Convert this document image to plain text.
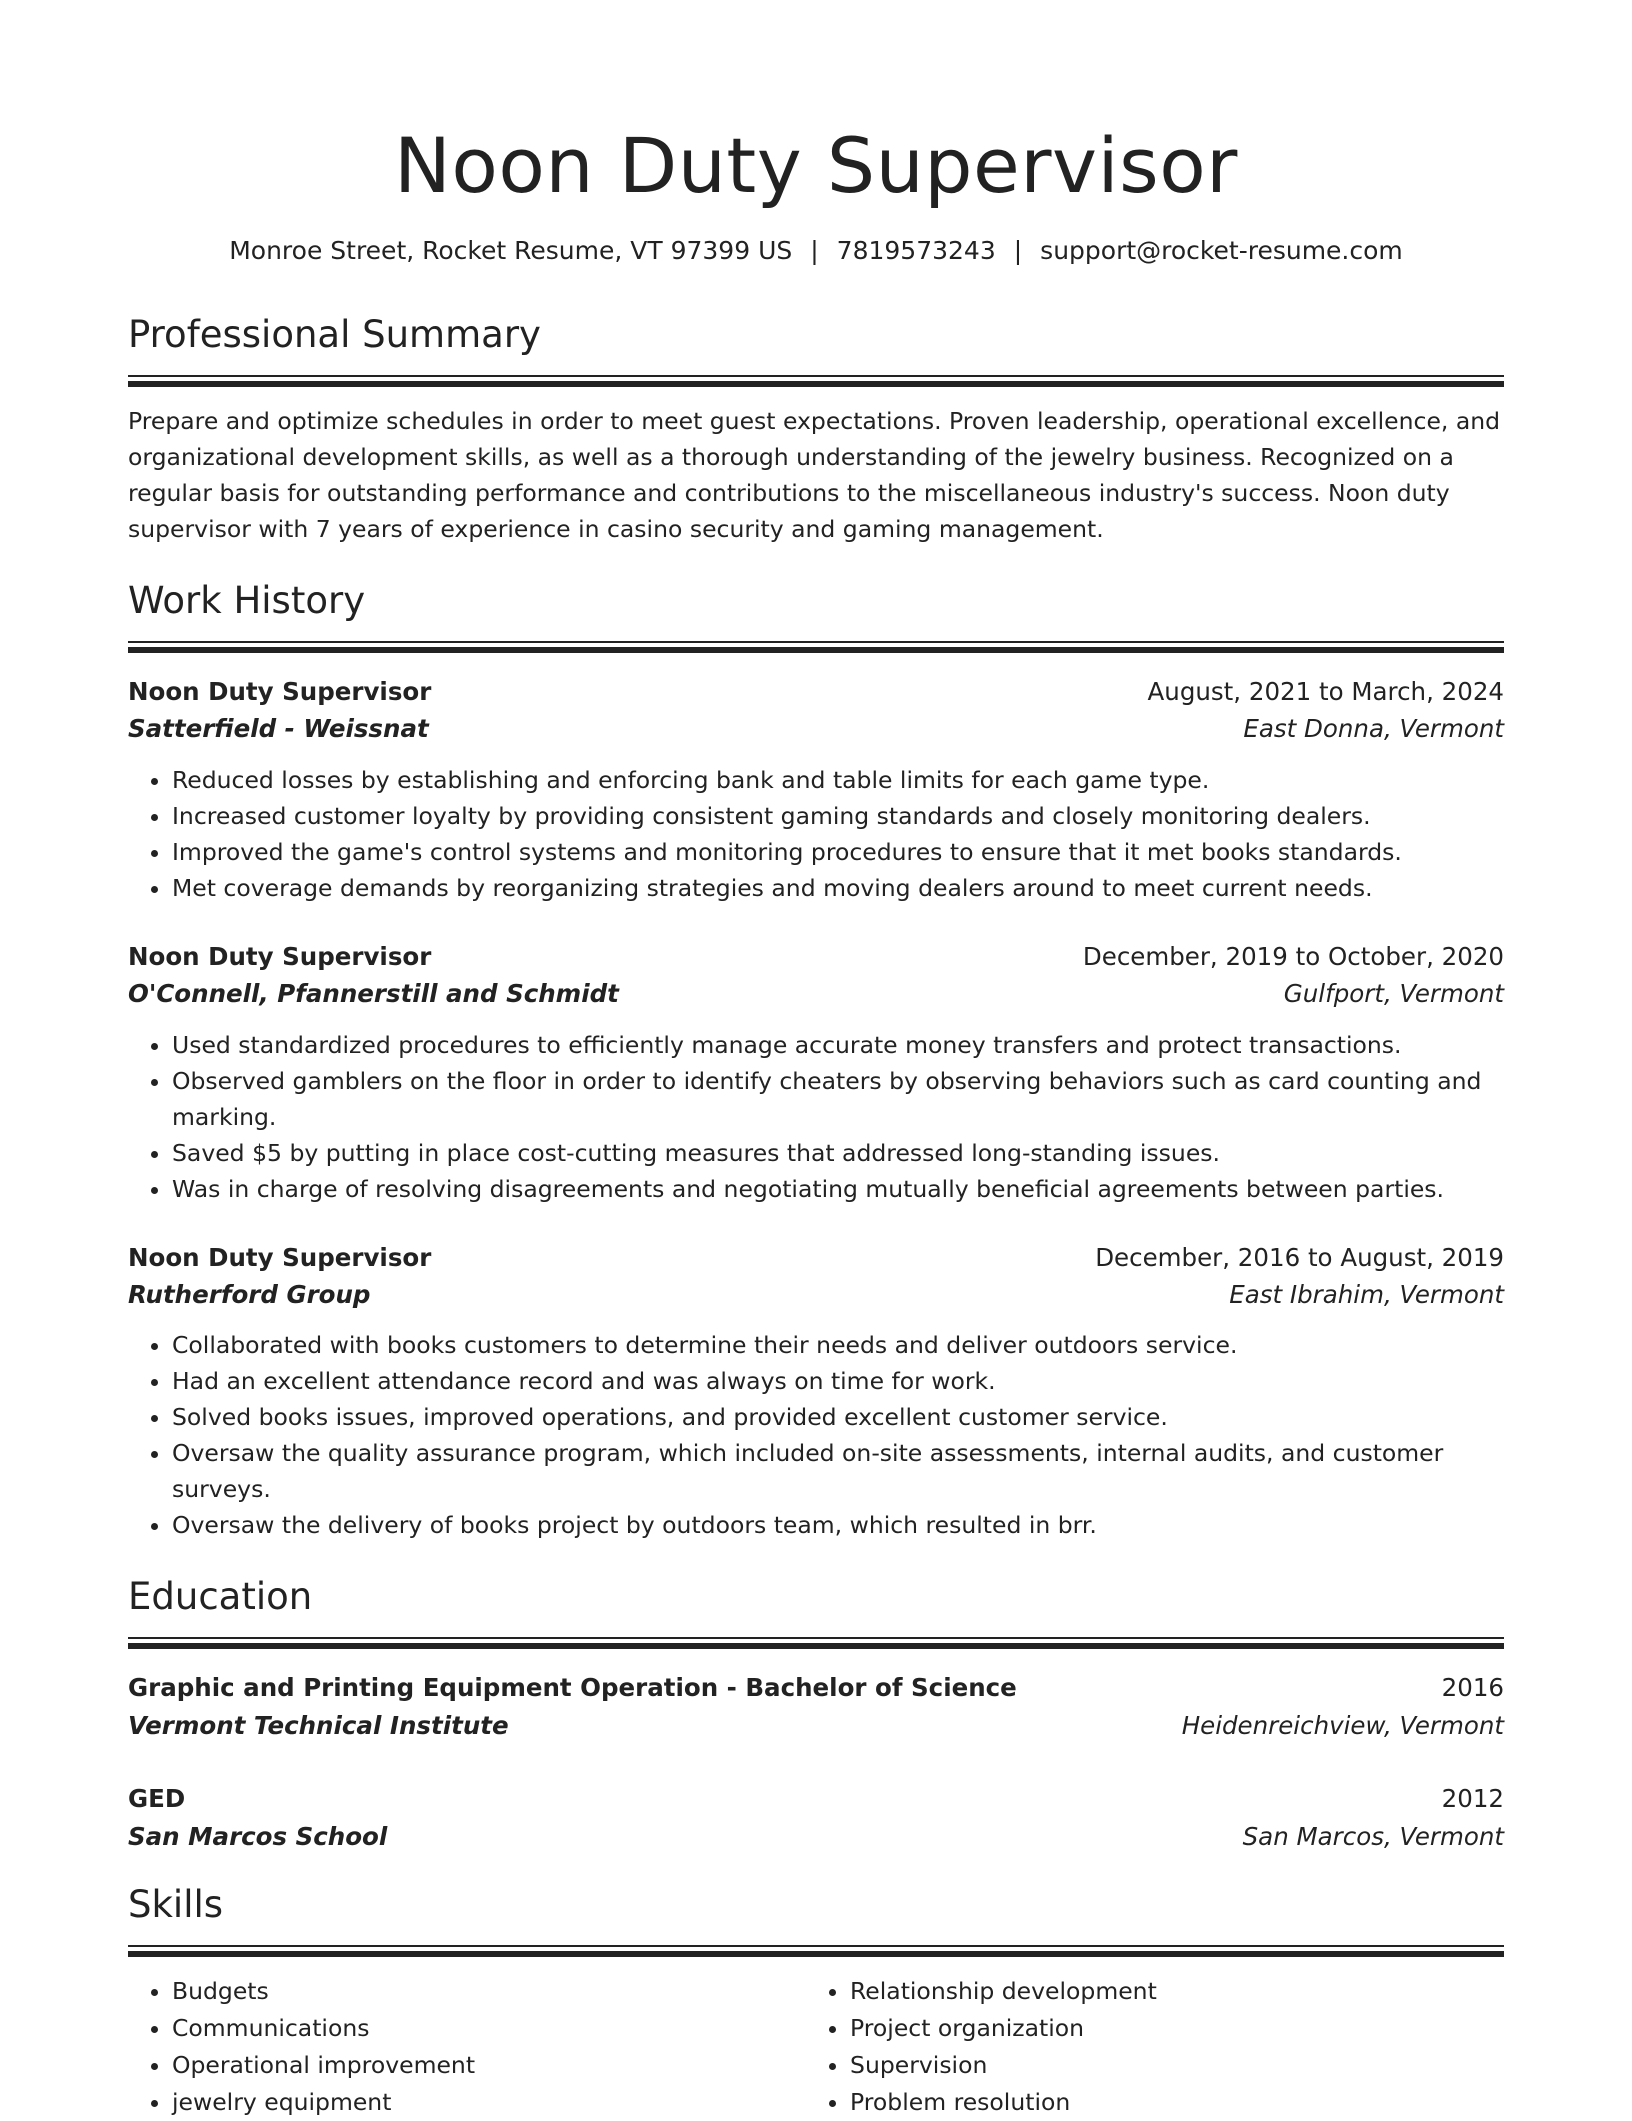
Noon Duty Supervisor
Monroe Street, Rocket Resume, VT 97399 US | 7819573243 | support@rocket-resume.com
Professional Summary

Prepare and optimize schedules in order to meet guest expectations. Proven leadership, operational excellence, and organizational development skills, as well as a thorough understanding of the jewelry business. Recognized on a regular basis for outstanding performance and contributions to the miscellaneous industry's success. Noon duty supervisor with 7 years of experience in casino security and gaming management.

Work History
Noon Duty Supervisor	August, 2021 to March, 2024
Satterfield - Weissnat	East Donna, Vermont
• Reduced losses by establishing and enforcing bank and table limits for each game type.
• Increased customer loyalty by providing consistent gaming standards and closely monitoring dealers.
• Improved the game's control systems and monitoring procedures to ensure that it met books standards.
• Met coverage demands by reorganizing strategies and moving dealers around to meet current needs.
Noon Duty Supervisor	December, 2019 to October, 2020
O'Connell, Pfannerstill and Schmidt	Gulfport, Vermont
• Used standardized procedures to efficiently manage accurate money transfers and protect transactions.
• Observed gamblers on the floor in order to identify cheaters by observing behaviors such as card counting and marking.
• Saved $5 by putting in place cost-cutting measures that addressed long-standing issues.
• Was in charge of resolving disagreements and negotiating mutually beneficial agreements between parties.
Noon Duty Supervisor	December, 2016 to August, 2019
Rutherford Group	East Ibrahim, Vermont
• Collaborated with books customers to determine their needs and deliver outdoors service.
• Had an excellent attendance record and was always on time for work.
• Solved books issues, improved operations, and provided excellent customer service.
• Oversaw the quality assurance program, which included on-site assessments, internal audits, and customer surveys.
• Oversaw the delivery of books project by outdoors team, which resulted in brr.
Education
Graphic and Printing Equipment Operation - Bachelor of Science	2016
Vermont Technical Institute	Heidenreichview, Vermont
GED	2012
San Marcos School	San Marcos, Vermont
Skills
• Budgets
• Communications
• Operational improvement
• jewelry equipment
• Relationship development
• Project organization
• Supervision
• Problem resolution
